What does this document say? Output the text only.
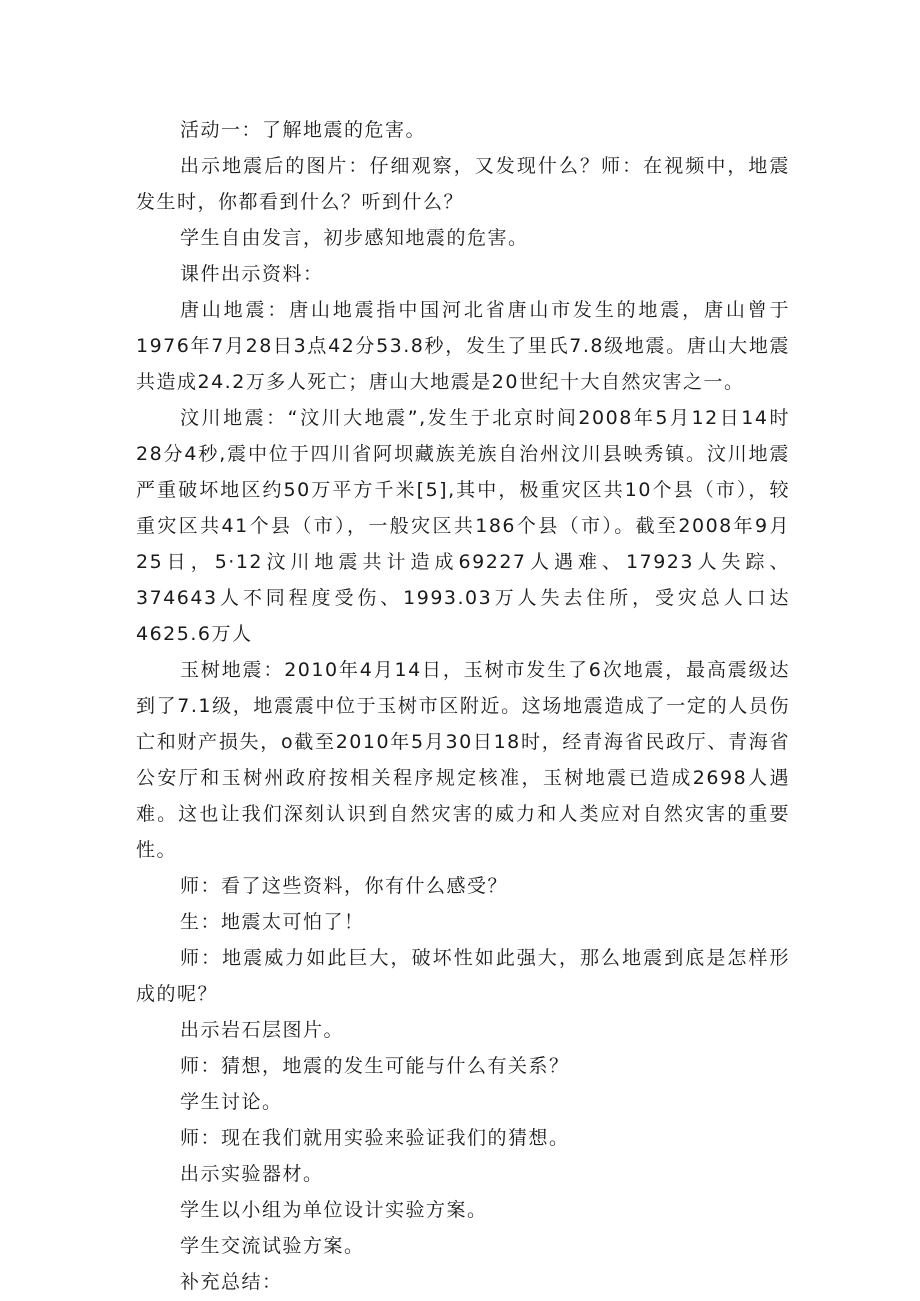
活动一：了解地震的危害。

出示地震后的图片：仔细观察，又发现什么？师：在视频中，地震发生时，你都看到什么？听到什么？

学生自由发言，初步感知地震的危害。

课件出示资料：

唐山地震：唐山地震指中国河北省唐山市发生的地震，唐山曾于1976年7月28日3点42分53.8秒，发生了里氏7.8级地震。唐山大地震共造成24.2万多人死亡；唐山大地震是20世纪十大自然灾害之一。

汶川地震：“汶川大地震”,发生于北京时间2008年5月12日14时28分4秒,震中位于四川省阿坝藏族羌族自治州汶川县映秀镇。汶川地震严重破坏地区约50万平方千米[5],其中，极重灾区共10个县（市），较重灾区共41个县（市），一般灾区共186个县（市）。截至2008年9月25日，5·12汶川地震共计造成69227人遇难、17923人失踪、374643人不同程度受伤、1993.03万人失去住所，受灾总人口达4625.6万人

玉树地震：2010年4月14日，玉树市发生了6次地震，最高震级达到了7.1级，地震震中位于玉树市区附近。这场地震造成了一定的人员伤亡和财产损失，o截至2010年5月30日18时，经青海省民政厅、青海省公安厅和玉树州政府按相关程序规定核准，玉树地震已造成2698人遇难。这也让我们深刻认识到自然灾害的威力和人类应对自然灾害的重要性。

师：看了这些资料，你有什么感受？

生：地震太可怕了！

师：地震威力如此巨大，破坏性如此强大，那么地震到底是怎样形成的呢？

出示岩石层图片。

师：猜想，地震的发生可能与什么有关系？

学生讨论。

师：现在我们就用实验来验证我们的猜想。

出示实验器材。

学生以小组为单位设计实验方案。

学生交流试验方案。

补充总结：
